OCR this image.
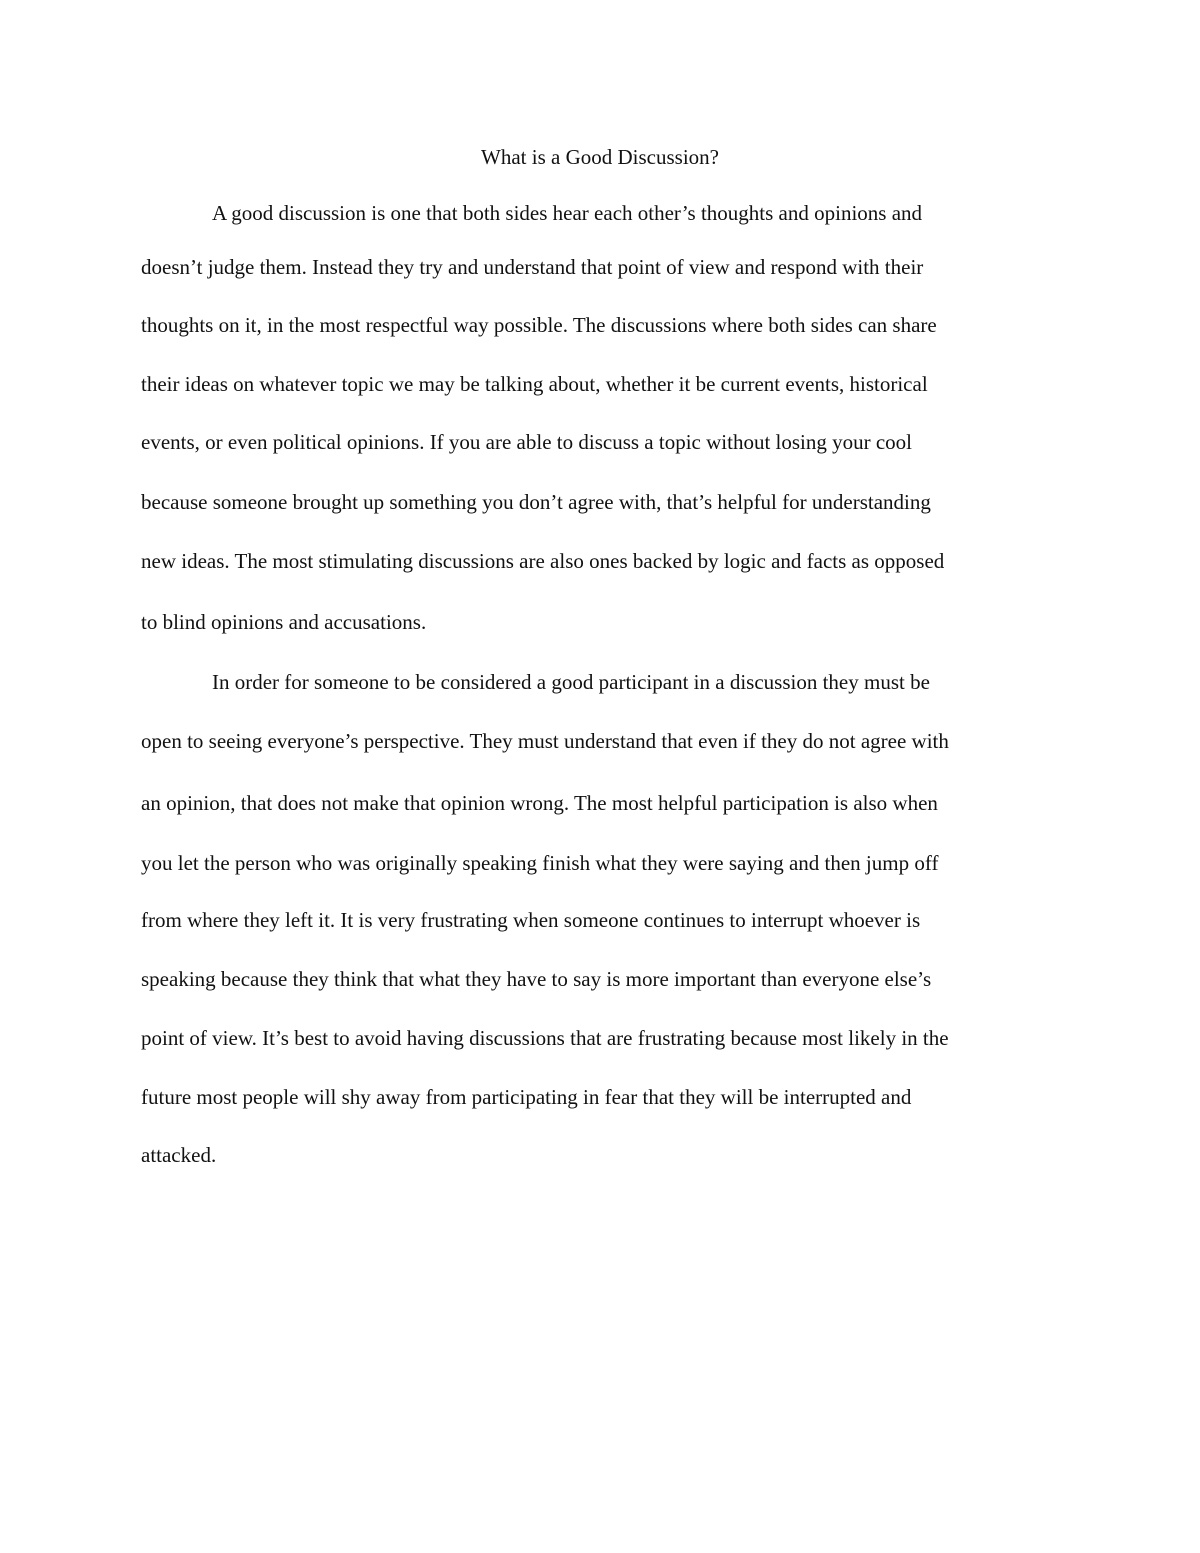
What is a Good Discussion?

A good discussion is one that both sides hear each other’s thoughts and opinions and

doesn’t judge them. Instead they try and understand that point of view and respond with their

thoughts on it, in the most respectful way possible. The discussions where both sides can share

their ideas on whatever topic we may be talking about, whether it be current events, historical

events, or even political opinions. If you are able to discuss a topic without losing your cool

because someone brought up something you don’t agree with, that’s helpful for understanding

new ideas. The most stimulating discussions are also ones backed by logic and facts as opposed

to blind opinions and accusations.

In order for someone to be considered a good participant in a discussion they must be

open to seeing everyone’s perspective. They must understand that even if they do not agree with

an opinion, that does not make that opinion wrong. The most helpful participation is also when

you let the person who was originally speaking finish what they were saying and then jump off

from where they left it. It is very frustrating when someone continues to interrupt whoever is

speaking because they think that what they have to say is more important than everyone else’s

point of view. It’s best to avoid having discussions that are frustrating because most likely in the

future most people will shy away from participating in fear that they will be interrupted and

attacked.
